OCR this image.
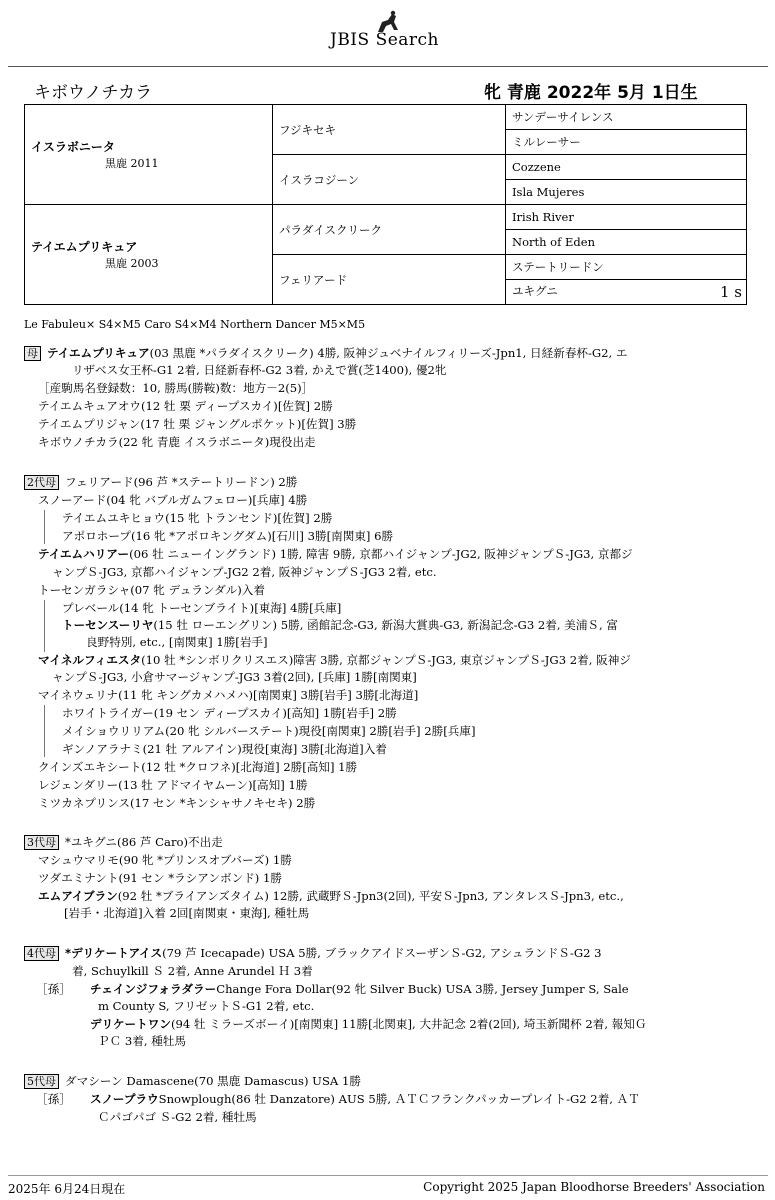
JBIS Search
キボウノチカラ	牝 青鹿 2022年 5月 1日生
イスラボニータ
黒鹿 2011	フジキセキ	サンデーサイレンス
		ミルレーサー
	イスラコジーン	Cozzene
		Isla Mujeres

テイエムプリキュア
黒鹿 2003	パラダイスクリーク	Irish River
		North of Eden
	フェリアード	ステートリードン
		ユキグニ 1 s
Le Fabuleu× S4×M5 Caro S4×M4 Northern Dancer M5×M5
母 テイエムプリキュア(03 黒鹿 *パラダイスクリーク) 4勝, 阪神ジュベナイルフィリーズ-Jpn1, 日経新春杯-G2, エ
リザベス女王杯-G1 2着, 日経新春杯-G2 3着, かえで賞(芝1400), 優2牝
［産駒馬名登録数：10, 勝馬(勝鞍)数：地方－2(5)］
テイエムキュアオウ(12 牡 栗 ディープスカイ)[佐賀] 2勝
テイエムプリジャン(17 牡 栗 ジャングルポケット)[佐賀] 3勝
キボウノチカラ(22 牝 青鹿 イスラボニータ)現役出走
2代母 フェリアード(96 芦 *ステートリードン) 2勝
スノーアード(04 牝 バブルガムフェロー)[兵庫] 4勝
テイエムユキヒョウ(15 牝 トランセンド)[佐賀] 2勝
アポロホープ(16 牝 *アポロキングダム)[石川] 3勝[南関東] 6勝
テイエムハリアー(06 牡 ニューイングランド) 1勝, 障害 9勝, 京都ハイジャンプ-JG2, 阪神ジャンプＳ-JG3, 京都ジ
ャンプＳ-JG3, 京都ハイジャンプ-JG2 2着, 阪神ジャンプＳ-JG3 2着, etc.
トーセンガラシャ(07 牝 デュランダル)入着
プレベール(14 牝 トーセンブライト)[東海] 4勝[兵庫]
トーセンスーリヤ(15 牡 ローエングリン) 5勝, 函館記念-G3, 新潟大賞典-G3, 新潟記念-G3 2着, 美浦Ｓ, 富
良野特別, etc., [南関東] 1勝[岩手]
マイネルフィエスタ(10 牡 *シンボリクリスエス)障害 3勝, 京都ジャンプＳ-JG3, 東京ジャンプＳ-JG3 2着, 阪神ジ
ャンプＳ-JG3, 小倉サマージャンプ-JG3 3着(2回), [兵庫] 1勝[南関東]
マイネウェリナ(11 牝 キングカメハメハ)[南関東] 3勝[岩手] 3勝[北海道]
ホワイトライガー(19 セン ディープスカイ)[高知] 1勝[岩手] 2勝
メイショウリリアム(20 牝 シルバーステート)現役[南関東] 2勝[岩手] 2勝[兵庫]
ギンノアラナミ(21 牡 アルアイン)現役[東海] 3勝[北海道]入着
クインズエキシート(12 牡 *クロフネ)[北海道] 2勝[高知] 1勝
レジェンダリー(13 牡 アドマイヤムーン)[高知] 1勝
ミツカネプリンス(17 セン *キンシャサノキセキ) 2勝
3代母 *ユキグニ(86 芦 Caro)不出走
マシュウマリモ(90 牝 *プリンスオブバーズ) 1勝
ツダエミナント(91 セン *ラシアンボンド) 1勝
エムアイブラン(92 牡 *ブライアンズタイム) 12勝, 武蔵野Ｓ-Jpn3(2回), 平安Ｓ-Jpn3, アンタレスＳ-Jpn3, etc.,
[岩手・北海道]入着 2回[南関東・東海], 種牡馬
4代母 *デリケートアイス(79 芦 Icecapade) USA 5勝, ブラックアイドスーザンＳ-G2, アシュランドＳ-G2 3
着, Schuylkill Ｓ 2着, Anne Arundel Ｈ 3着
［孫］ チェインジフォラダラーChange Fora Dollar(92 牝 Silver Buck) USA 3勝, Jersey Jumper S, Sale
m County S, フリゼットＳ-G1 2着, etc.
デリケートワン(94 牡 ミラーズボーイ)[南関東] 11勝[北関東], 大井記念 2着(2回), 埼玉新聞杯 2着, 報知Ｇ
ＰＣ 3着, 種牡馬
5代母 ダマシーン Damascene(70 黒鹿 Damascus) USA 1勝
［孫］ スノープラウSnowplough(86 牡 Danzatore) AUS 5勝, ＡＴＣフランクパッカープレイト-G2 2着, ＡＴ
Ｃパゴパゴ Ｓ-G2 2着, 種牡馬
2025年 6月24日現在	Copyright 2025 Japan Bloodhorse Breeders' Association
